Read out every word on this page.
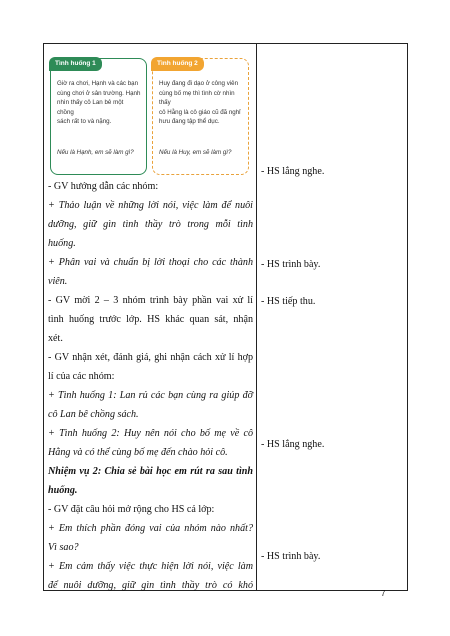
Tình huống 1
Giờ ra chơi, Hạnh và các bạn
cùng chơi ở sân trường. Hạnh
nhìn thấy cô Lan bê một chồng
sách rất to và nặng.
Nếu là Hạnh, em sẽ làm gì?
Tình huống 2
Huy đang đi dạo ở công viên
cùng bố mẹ thì tình cờ nhìn thấy
cô Hằng là cô giáo cũ đã nghỉ
hưu đang tập thể dục.
Nếu là Huy, em sẽ làm gì?
- GV hướng dẫn các nhóm:
+ Thảo luận về những lời nói, việc làm để nuôi
dưỡng, giữ gìn tình thầy trò trong mỗi tình
huống.
+ Phân vai và chuẩn bị lời thoại cho các thành
viên.
- GV mời 2 – 3 nhóm trình bày phần vai xử lí
tình huống trước lớp. HS khác quan sát, nhận
xét.
- GV nhận xét, đánh giá, ghi nhận cách xử lí hợp
lí của các nhóm:
+ Tình huống 1: Lan rủ các bạn cùng ra giúp đỡ
cô Lan bê chồng sách.
+ Tình huống 2: Huy nên nói cho bố mẹ về cô
Hằng và có thể cùng bố mẹ đến chào hỏi cô.
Nhiệm vụ 2: Chia sẻ bài học em rút ra sau tình
huống.
- GV đặt câu hỏi mở rộng cho HS cả lớp:
+ Em thích phần đóng vai của nhóm nào nhất?
Vì sao?
+ Em cảm thấy việc thực hiện lời nói, việc làm
để nuôi dưỡng, giữ gìn tình thầy trò có khó
- HS lắng nghe.
- HS trình bày.
- HS tiếp thu.
- HS lắng nghe.
- HS trình bày.
7
